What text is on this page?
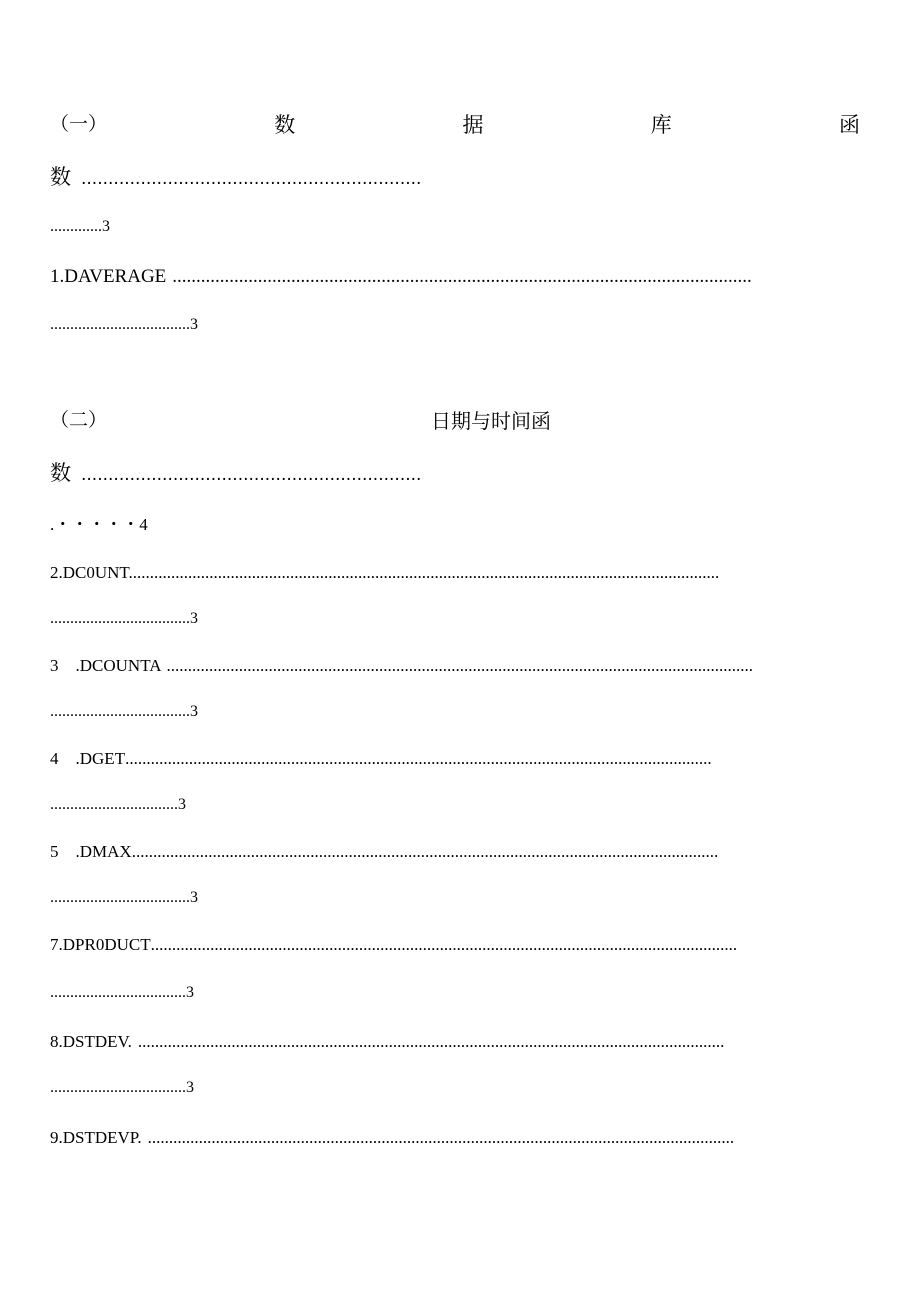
（一）	数	据	库	函
数 ...............................................................
.............3
1.DAVERAGE ..........................................................................................................................
...................................3
（二）	日期与时间函
数 ...............................................................
.・・・・・4
2.DC0UNT. ..........................................................................................................................................
...................................3
3　.DCOUNTA ..........................................................................................................................................
...................................3
4　.DGET ..........................................................................................................................................
................................3
5　.DMAX ..........................................................................................................................................
...................................3
7.DPR0DUCT ..........................................................................................................................................
..................................3
8.DSTDEV. ..........................................................................................................................................
..................................3
9.DSTDEVP. ..........................................................................................................................................
